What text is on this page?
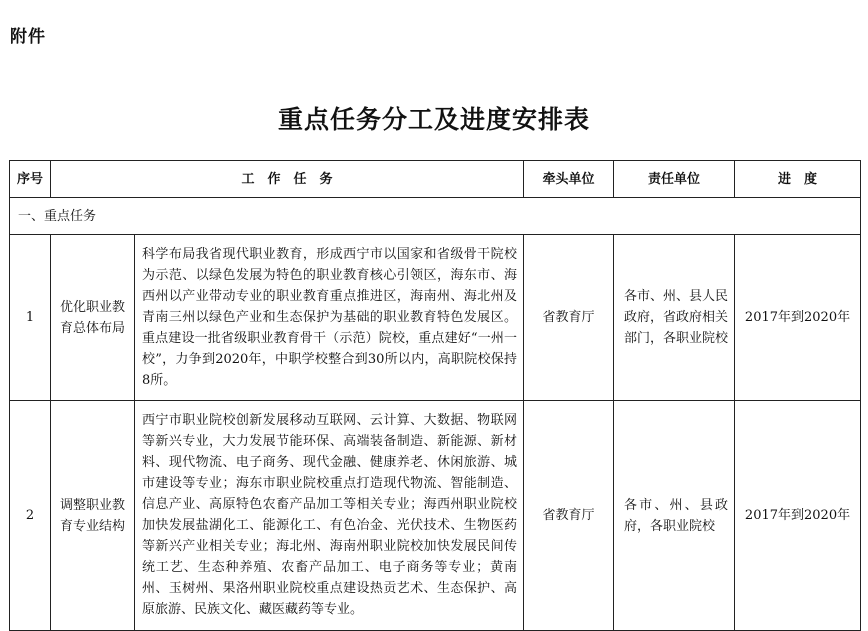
附件
重点任务分工及进度安排表
序号	工　作　任　务		牵头单位	责任单位	进　度
一、重点任务					
1	优化职业教育总体布局	科学布局我省现代职业教育，形成西宁市以国家和省级骨干院校为示范、以绿色发展为特色的职业教育核心引领区，海东市、海西州以产业带动专业的职业教育重点推进区，海南州、海北州及青南三州以绿色产业和生态保护为基础的职业教育特色发展区。重点建设一批省级职业教育骨干（示范）院校，重点建好“一州一校”，力争到2020年，中职学校整合到30所以内，高职院校保持8所。	省教育厅	各市、州、县人民政府，省政府相关部门，各职业院校	2017年到2020年
2	调整职业教育专业结构	西宁市职业院校创新发展移动互联网、云计算、大数据、物联网等新兴专业，大力发展节能环保、高端装备制造、新能源、新材料、现代物流、电子商务、现代金融、健康养老、休闲旅游、城市建设等专业；海东市职业院校重点打造现代物流、智能制造、信息产业、高原特色农畜产品加工等相关专业；海西州职业院校加快发展盐湖化工、能源化工、有色冶金、光伏技术、生物医药等新兴产业相关专业；海北州、海南州职业院校加快发展民间传统工艺、生态种养殖、农畜产品加工、电子商务等专业；黄南州、玉树州、果洛州职业院校重点建设热贡艺术、生态保护、高原旅游、民族文化、藏医藏药等专业。	省教育厅	各市、州、县政府，各职业院校	2017年到2020年
